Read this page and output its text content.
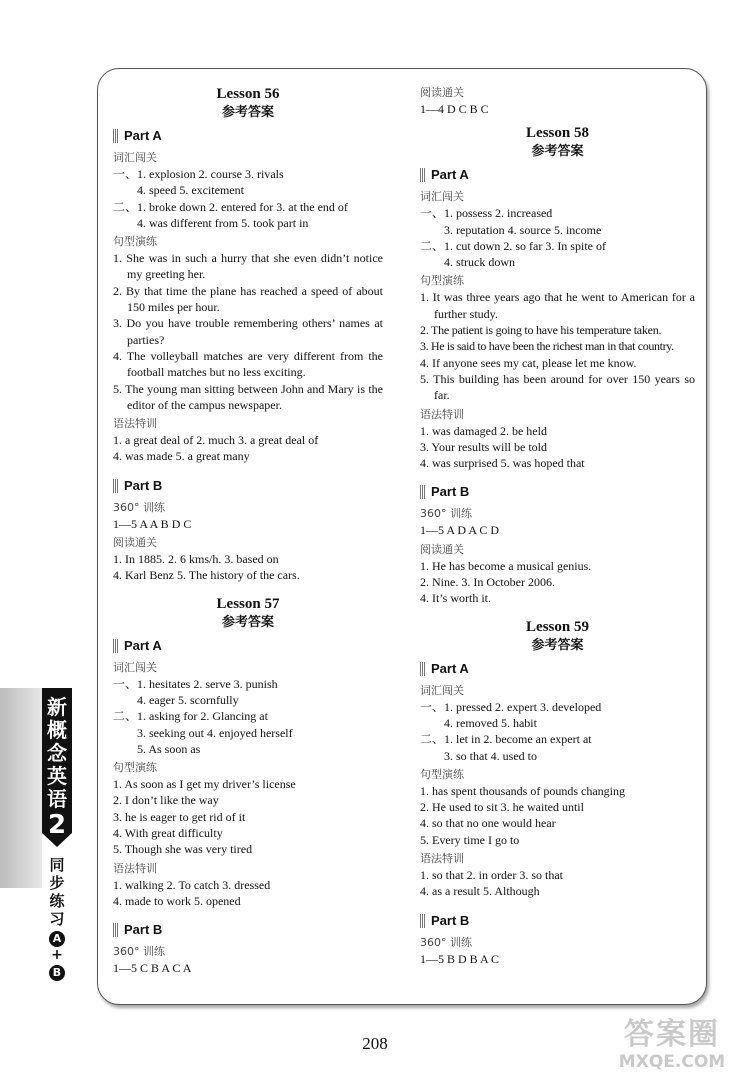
Lesson 56
参考答案
Part A
词汇闯关
一、1. explosion 2. course 3. rivals
4. speed 5. excitement
二、1. broke down 2. entered for 3. at the end of
4. was different from 5. took part in
句型演练
1. She was in such a hurry that she even didn’t notice my greeting her.
2. By that time the plane has reached a speed of about 150 miles per hour.
3. Do you have trouble remembering others’ names at parties?
4. The volleyball matches are very different from the football matches but no less exciting.
5. The young man sitting between John and Mary is the editor of the campus newspaper.
语法特训
1. a great deal of 2. much 3. a great deal of
4. was made 5. a great many
Part B
360° 训练
1—5 A A B D C
阅读通关
1. In 1885. 2. 6 kms/h. 3. based on
4. Karl Benz 5. The history of the cars.
Lesson 57
参考答案
Part A
词汇闯关
一、1. hesitates 2. serve 3. punish
4. eager 5. scornfully
二、1. asking for 2. Glancing at
3. seeking out 4. enjoyed herself
5. As soon as
句型演练
1. As soon as I get my driver’s license
2. I don’t like the way
3. he is eager to get rid of it
4. With great difficulty
5. Though she was very tired
语法特训
1. walking 2. To catch 3. dressed
4. made to work 5. opened
Part B
360° 训练
1—5 C B A C A
阅读通关
1—4 D C B C
Lesson 58
参考答案
Part A
词汇闯关
一、1. possess 2. increased
3. reputation 4. source 5. income
二、1. cut down 2. so far 3. In spite of
4. struck down
句型演练
1. It was three years ago that he went to American for a further study.
2. The patient is going to have his temperature taken.
3. He is said to have been the richest man in that country.
4. If anyone sees my cat, please let me know.
5. This building has been around for over 150 years so far.
语法特训
1. was damaged 2. be held
3. Your results will be told
4. was surprised 5. was hoped that
Part B
360° 训练
1—5 A D A C D
阅读通关
1. He has become a musical genius.
2. Nine. 3. In October 2006.
4. It’s worth it.
Lesson 59
参考答案
Part A
词汇闯关
一、1. pressed 2. expert 3. developed
4. removed 5. habit
二、1. let in 2. become an expert at
3. so that 4. used to
句型演练
1. has spent thousands of pounds changing
2. He used to sit 3. he waited until
4. so that no one would hear
5. Every time I go to
语法特训
1. so that 2. in order 3. so that
4. as a result 5. Although
Part B
360° 训练
1—5 B D B A C
新
概
念
英
语
2
同
步
练
习
A
+
B
208	答案圈
MXQE.COM
